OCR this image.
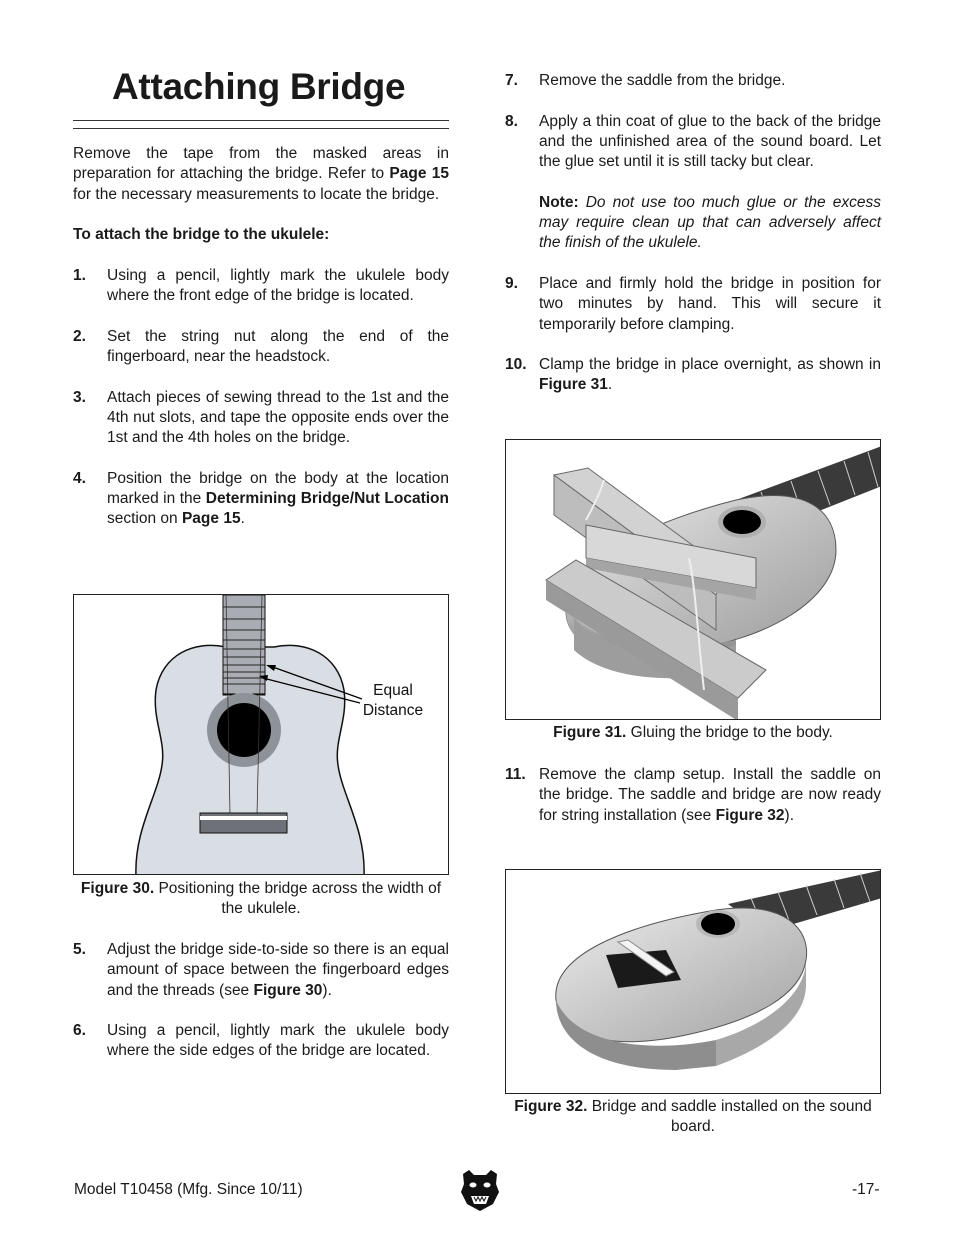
Attaching Bridge

Remove the tape from the masked areas in preparation for attaching the bridge. Refer to Page 15 for the necessary measurements to locate the bridge.

To attach the bridge to the ukulele:

1. Using a pencil, lightly mark the ukulele body where the front edge of the bridge is located.
2. Set the string nut along the end of the fingerboard, near the headstock.
3. Attach pieces of sewing thread to the 1st and the 4th nut slots, and tape the opposite ends over the 1st and the 4th holes on the bridge.
4. Position the bridge on the body at the location marked in the Determining Bridge/Nut Location section on Page 15.
Equal
Distance
Figure 30. Positioning the bridge across the width of the ukulele.
5. Adjust the bridge side-to-side so there is an equal amount of space between the fingerboard edges and the threads (see Figure 30).
6. Using a pencil, lightly mark the ukulele body where the side edges of the bridge are located.
7. Remove the saddle from the bridge.
8. Apply a thin coat of glue to the back of the bridge and the unfinished area of the sound board. Let the glue set until it is still tacky but clear.
Note: Do not use too much glue or the excess may require clean up that can adversely affect the finish of the ukulele.
9. Place and firmly hold the bridge in position for two minutes by hand. This will secure it temporarily before clamping.
10. Clamp the bridge in place overnight, as shown in Figure 31.
Figure 31. Gluing the bridge to the body.
11. Remove the clamp setup. Install the saddle on the bridge. The saddle and bridge are now ready for string installation (see Figure 32).
Figure 32. Bridge and saddle installed on the sound board.
Model T10458 (Mfg. Since 10/11)	-17-
